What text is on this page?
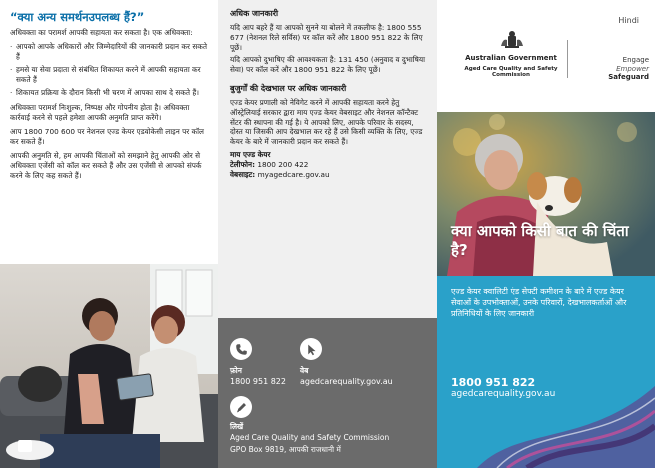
“क्या अन्य समर्थनउपलब्ध हैं?”
अधिवक्ता का परामर्श आपकी सहायता कर सकता है। एक अधिवक्ता:
· आपको आपके अधिकारों और जिम्मेदारियों की जानकारी प्रदान कर सकते हैं
· हमसे या सेवा प्रदाता से संबंधित शिकायत करने में आपकी सहायता कर सकते हैं
· शिकायत प्रक्रिया के दौरान किसी भी चरण में आपका साथ दे सकते हैं।
अधिवक्ता परामर्श निःशुल्क, निष्पक्ष और गोपनीय होता है। अधिवक्ता कार्रवाई करने से पहले हमेशा आपकी अनुमति प्राप्त करेंगे।
आप 1800 700 600 पर नेशनल एज्ड केयर एडवोकेसी लाइन पर कॉल कर सकते हैं।
आपकी अनुमति से, हम आपकी चिंताओं को समझाने हेतु आपकी ओर से अधिवक्ता एजेंसी को कॉल कर सकते हैं और उस एजेंसी से आपको संपर्क करने के लिए कह सकते हैं।
अधिक जानकारी
यदि आप बहरे हैं या आपको सुनने या बोलने में तकलीफ है: 1800 555 677 (नेशनल रिले सर्विस) पर कॉल करें और 1800 951 822 के लिए पूछें।
यदि आपको दुभाषिए की आवश्यकता है: 131 450 (अनुवाद व दुभाषिया सेवा) पर कॉल करें और 1800 951 822 के लिए पूछें।
बुजुर्गों की देखभाल पर अधिक जानकारी
एज्ड केयर प्रणाली को नेविगेट करने में आपकी सहायता करने हेतु ऑस्ट्रेलियाई सरकार द्वारा माय एज्ड केयर वेबसाइट और नेशनल कॉन्टैक्ट सेंटर की स्थापना की गई है। ये आपको लिए, आपके परिवार के सदस्य, दोस्त या जिसकी आप देखभाल कर रहे हैं उसे किसी व्यक्ति के लिए, एज्ड केयर के बारे में जानकारी प्रदान कर सकते हैं।
माय एज्ड केयर
टेलीफोन: 1800 200 422
वेबसाइट: myagedcare.gov.au
फ़ोन
1800 951 822
वेब
agedcarequality.gov.au
लिखें
Aged Care Quality and Safety Commission
GPO Box 9819, आपकी राजधानी में
Hindi
Australian Government
Aged Care Quality and Safety Commission
Engage
Empower
Safeguard
क्या आपको किसी बात की चिंता है?
एज्ड केयर क्वालिटी एंड सेफ्टी कमीशन के बारे में एज्ड केयर सेवाओं के उपभोक्ताओं, उनके परिवारों, देखभालकर्ताओं और प्रतिनिधियों के लिए जानकारी
1800 951 822
agedcarequality.gov.au
